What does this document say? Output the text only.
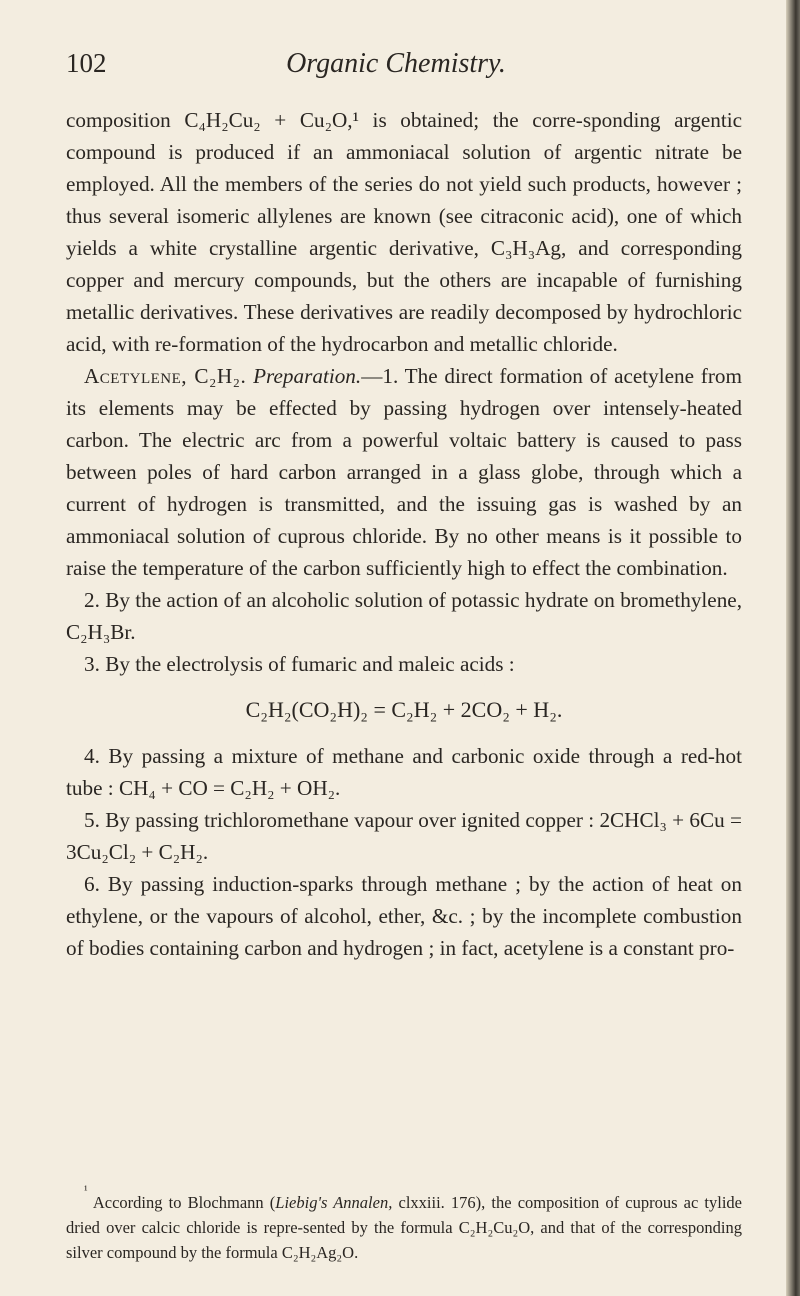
102	Organic Chemistry.

composition C₄H₂Cu₂ + Cu₂O,¹ is obtained; the corre-sponding argentic compound is produced if an ammoniacal solution of argentic nitrate be employed. All the members of the series do not yield such products, however ; thus several isomeric allylenes are known (see citraconic acid), one of which yields a white crystalline argentic derivative, C₃H₃Ag, and corresponding copper and mercury compounds, but the others are incapable of furnishing metallic derivatives. These derivatives are readily decomposed by hydrochloric acid, with re-formation of the hydrocarbon and metallic chloride.

Acetylene, C₂H₂. Preparation.—1. The direct formation of acetylene from its elements may be effected by passing hydrogen over intensely-heated carbon. The electric arc from a powerful voltaic battery is caused to pass between poles of hard carbon arranged in a glass globe, through which a current of hydrogen is transmitted, and the issuing gas is washed by an ammoniacal solution of cuprous chloride. By no other means is it possible to raise the temperature of the carbon sufficiently high to effect the combination.

2. By the action of an alcoholic solution of potassic hydrate on bromethylene, C₂H₃Br.

3. By the electrolysis of fumaric and maleic acids :

C₂H₂(CO₂H)₂ = C₂H₂ + 2CO₂ + H₂.

4. By passing a mixture of methane and carbonic oxide through a red-hot tube : CH₄ + CO = C₂H₂ + OH₂.

5. By passing trichloromethane vapour over ignited copper : 2CHCl₃ + 6Cu = 3Cu₂Cl₂ + C₂H₂.

6. By passing induction-sparks through methane ; by the action of heat on ethylene, or the vapours of alcohol, ether, &c. ; by the incomplete combustion of bodies containing carbon and hydrogen ; in fact, acetylene is a constant pro-

$^{^1}$ According to Blochmann (Liebig's Annalen, clxxiii. 176), the composition of cuprous ac tylide dried over calcic chloride is repre-sented by the formula C₂H₂Cu₂O, and that of the corresponding silver compound by the formula C₂H₂Ag₂O.
